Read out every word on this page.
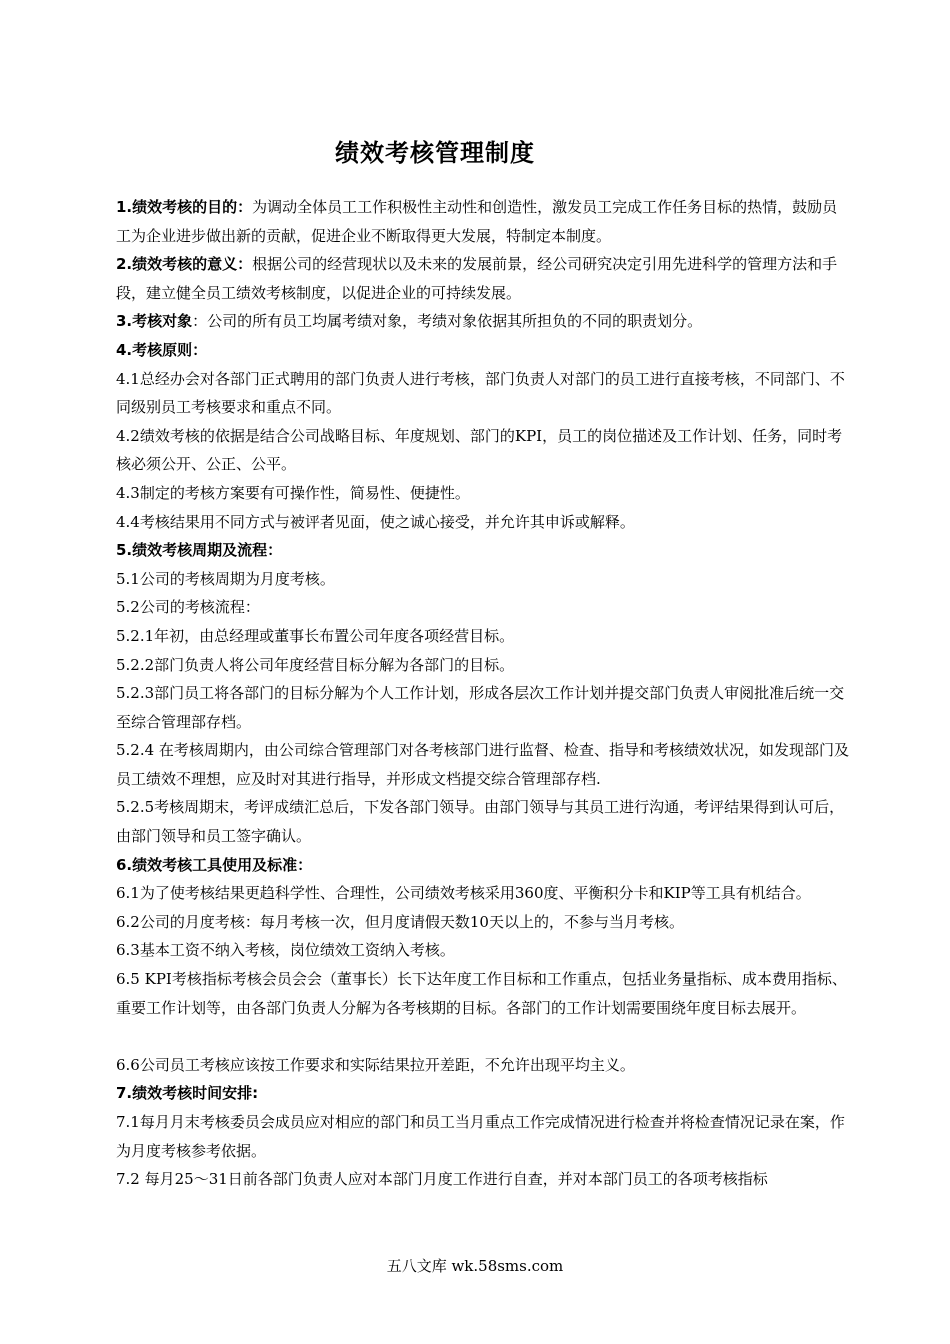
绩效考核管理制度

1.绩效考核的目的：为调动全体员工工作积极性主动性和创造性，激发员工完成工作任务目标的热情，鼓励员工为企业进步做出新的贡献，促进企业不断取得更大发展，特制定本制度。

2.绩效考核的意义：根据公司的经营现状以及未来的发展前景，经公司研究决定引用先进科学的管理方法和手段，建立健全员工绩效考核制度，以促进企业的可持续发展。

3.考核对象：公司的所有员工均属考绩对象，考绩对象依据其所担负的不同的职责划分。

4.考核原则：

4.1总经办会对各部门正式聘用的部门负责人进行考核，部门负责人对部门的员工进行直接考核，不同部门、不同级别员工考核要求和重点不同。

4.2绩效考核的依据是结合公司战略目标、年度规划、部门的KPI，员工的岗位描述及工作计划、任务，同时考核必须公开、公正、公平。

4.3制定的考核方案要有可操作性，简易性、便捷性。

4.4考核结果用不同方式与被评者见面，使之诚心接受，并允许其申诉或解释。

5.绩效考核周期及流程：

5.1公司的考核周期为月度考核。

5.2公司的考核流程：

5.2.1年初，由总经理或董事长布置公司年度各项经营目标。

5.2.2部门负责人将公司年度经营目标分解为各部门的目标。

5.2.3部门员工将各部门的目标分解为个人工作计划，形成各层次工作计划并提交部门负责人审阅批准后统一交至综合管理部存档。

5.2.4 在考核周期内，由公司综合管理部门对各考核部门进行监督、检查、指导和考核绩效状况，如发现部门及员工绩效不理想，应及时对其进行指导，并形成文档提交综合管理部存档.

5.2.5考核周期末，考评成绩汇总后，下发各部门领导。由部门领导与其员工进行沟通，考评结果得到认可后，由部门领导和员工签字确认。

6.绩效考核工具使用及标准：

6.1为了使考核结果更趋科学性、合理性，公司绩效考核采用360度、平衡积分卡和KIP等工具有机结合。

6.2公司的月度考核：每月考核一次，但月度请假天数10天以上的，不参与当月考核。

6.3基本工资不纳入考核，岗位绩效工资纳入考核。

6.5 KPI考核指标考核会员会会（董事长）长下达年度工作目标和工作重点，包括业务量指标、成本费用指标、重要工作计划等，由各部门负责人分解为各考核期的目标。各部门的工作计划需要围绕年度目标去展开。

6.6公司员工考核应该按工作要求和实际结果拉开差距，不允许出现平均主义。

7.绩效考核时间安排:

7.1每月月末考核委员会成员应对相应的部门和员工当月重点工作完成情况进行检查并将检查情况记录在案，作为月度考核参考依据。

7.2 每月25～31日前各部门负责人应对本部门月度工作进行自查，并对本部门员工的各项考核指标

五八文库 wk.58sms.com
